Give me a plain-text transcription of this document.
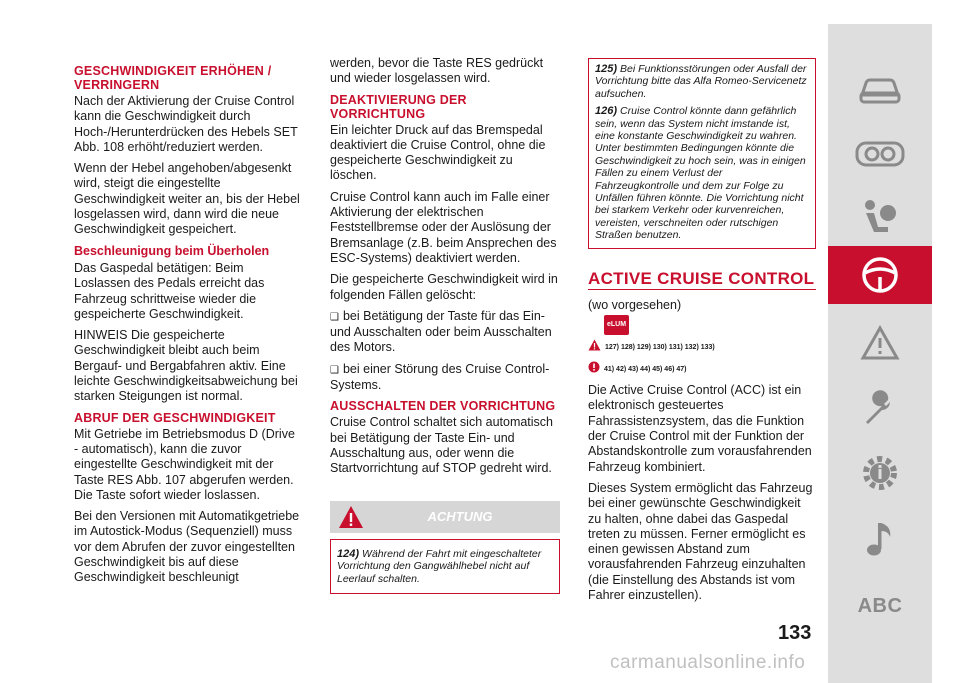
GESCHWINDIGKEIT ERHÖHEN / VERRINGERN

Nach der Aktivierung der Cruise Control kann die Geschwindigkeit durch Hoch-/Herunterdrücken des Hebels SET Abb. 108 erhöht/reduziert werden.

Wenn der Hebel angehoben/abgesenkt wird, steigt die eingestellte Geschwindigkeit weiter an, bis der Hebel losgelassen wird, dann wird die neue Geschwindigkeit gespeichert.

Beschleunigung beim Überholen

Das Gaspedal betätigen: Beim Loslassen des Pedals erreicht das Fahrzeug schrittweise wieder die gespeicherte Geschwindigkeit.

HINWEIS Die gespeicherte Geschwindigkeit bleibt auch beim Bergauf- und Bergabfahren aktiv. Eine leichte Geschwindigkeitsabweichung bei starken Steigungen ist normal.

ABRUF DER GESCHWINDIGKEIT

Mit Getriebe im Betriebsmodus D (Drive - automatisch), kann die zuvor eingestellte Geschwindigkeit mit der Taste RES Abb. 107 abgerufen werden. Die Taste sofort wieder loslassen.

Bei den Versionen mit Automatikgetriebe im Autostick-Modus (Sequenziell) muss vor dem Abrufen der zuvor eingestellten Geschwindigkeit bis auf diese Geschwindigkeit beschleunigt

werden, bevor die Taste RES gedrückt und wieder losgelassen wird.

DEAKTIVIERUNG DER VORRICHTUNG

Ein leichter Druck auf das Bremspedal deaktiviert die Cruise Control, ohne die gespeicherte Geschwindigkeit zu löschen.

Cruise Control kann auch im Falle einer Aktivierung der elektrischen Feststellbremse oder der Auslösung der Bremsanlage (z.B. beim Ansprechen des ESC-Systems) deaktiviert werden.

Die gespeicherte Geschwindigkeit wird in folgenden Fällen gelöscht:

❑ bei Betätigung der Taste für das Ein- und Ausschalten oder beim Ausschalten des Motors.

❑ bei einer Störung des Cruise Control-Systems.

AUSSCHALTEN DER VORRICHTUNG

Cruise Control schaltet sich automatisch bei Betätigung der Taste Ein- und Ausschaltung aus, oder wenn die Startvorrichtung auf STOP gedreht wird.

ACHTUNG
124) Während der Fahrt mit eingeschalteter Vorrichtung den Gangwählhebel nicht auf Leerlauf schalten.

125) Bei Funktionsstörungen oder Ausfall der Vorrichtung bitte das Alfa Romeo-Servicenetz aufsuchen.

126) Cruise Control könnte dann gefährlich sein, wenn das System nicht imstande ist, eine konstante Geschwindigkeit zu wahren. Unter bestimmten Bedingungen könnte die Geschwindigkeit zu hoch sein, was in einigen Fällen zu einem Verlust der Fahrzeugkontrolle und dem zur Folge zu Unfällen führen könnte. Die Vorrichtung nicht bei starkem Verkehr oder kurvenreichen, vereisten, verschneiten oder rutschigen Straßen benutzen.

ACTIVE CRUISE CONTROL
(wo vorgesehen)
eLUM
127) 128) 129) 130) 131) 132) 133)
41) 42) 43) 44) 45) 46) 47)

Die Active Cruise Control (ACC) ist ein elektronisch gesteuertes Fahrassistenzsystem, das die Funktion der Cruise Control mit der Funktion der Abstandskontrolle zum vorausfahrenden Fahrzeug kombiniert.

Dieses System ermöglicht das Fahrzeug bei einer gewünschte Geschwindigkeit zu halten, ohne dabei das Gaspedal treten zu müssen. Ferner ermöglicht es einen gewissen Abstand zum vorausfahrenden Fahrzeug einzuhalten (die Einstellung des Abstands ist vom Fahrer einzustellen).

133
ABC
carmanualsonline.info
